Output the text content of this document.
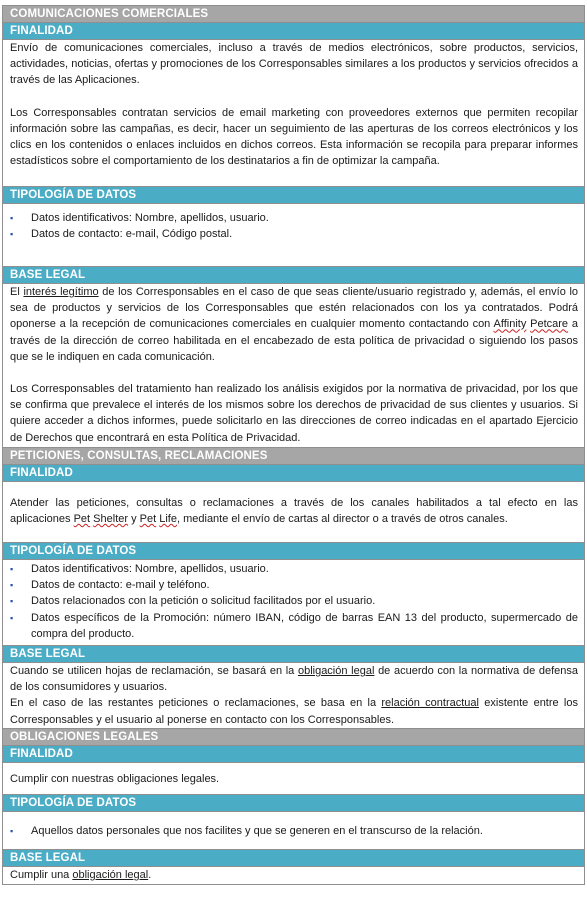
COMUNICACIONES COMERCIALES
FINALIDAD

Envío de comunicaciones comerciales, incluso a través de medios electrónicos, sobre productos, servicios, actividades, noticias, ofertas y promociones de los Corresponsables similares a los productos y servicios ofrecidos a través de las Aplicaciones.

Los Corresponsables contratan servicios de email marketing con proveedores externos que permiten recopilar información sobre las campañas, es decir, hacer un seguimiento de las aperturas de los correos electrónicos y los clics en los contenidos o enlaces incluidos en dichos correos. Esta información se recopila para preparar informes estadísticos sobre el comportamiento de los destinatarios a fin de optimizar la campaña.

TIPOLOGÍA DE DATOS
▪ Datos identificativos: Nombre, apellidos, usuario.
▪ Datos de contacto: e-mail, Código postal.
BASE LEGAL

El interés legítimo de los Corresponsables en el caso de que seas cliente/usuario registrado y, además, el envío lo sea de productos y servicios de los Corresponsables que estén relacionados con los ya contratados. Podrá oponerse a la recepción de comunicaciones comerciales en cualquier momento contactando con Affinity Petcare a través de la dirección de correo habilitada en el encabezado de esta política de privacidad o siguiendo los pasos que se le indiquen en cada comunicación.

Los Corresponsables del tratamiento han realizado los análisis exigidos por la normativa de privacidad, por los que se confirma que prevalece el interés de los mismos sobre los derechos de privacidad de sus clientes y usuarios. Si quiere acceder a dichos informes, puede solicitarlo en las direcciones de correo indicadas en el apartado Ejercicio de Derechos que encontrará en esta Política de Privacidad.

PETICIONES, CONSULTAS, RECLAMACIONES
FINALIDAD

Atender las peticiones, consultas o reclamaciones a través de los canales habilitados a tal efecto en las aplicaciones Pet Shelter y Pet Life, mediante el envío de cartas al director o a través de otros canales.

TIPOLOGÍA DE DATOS
▪ Datos identificativos: Nombre, apellidos, usuario.
▪ Datos de contacto: e-mail y teléfono.
▪ Datos relacionados con la petición o solicitud facilitados por el usuario.
▪ Datos específicos de la Promoción: número IBAN, código de barras EAN 13 del producto, supermercado de compra del producto.
BASE LEGAL

Cuando se utilicen hojas de reclamación, se basará en la obligación legal de acuerdo con la normativa de defensa de los consumidores y usuarios.

En el caso de las restantes peticiones o reclamaciones, se basa en la relación contractual existente entre los Corresponsables y el usuario al ponerse en contacto con los Corresponsables.

OBLIGACIONES LEGALES
FINALIDAD

Cumplir con nuestras obligaciones legales.

TIPOLOGÍA DE DATOS
▪ Aquellos datos personales que nos facilites y que se generen en el transcurso de la relación.
BASE LEGAL

Cumplir una obligación legal.
